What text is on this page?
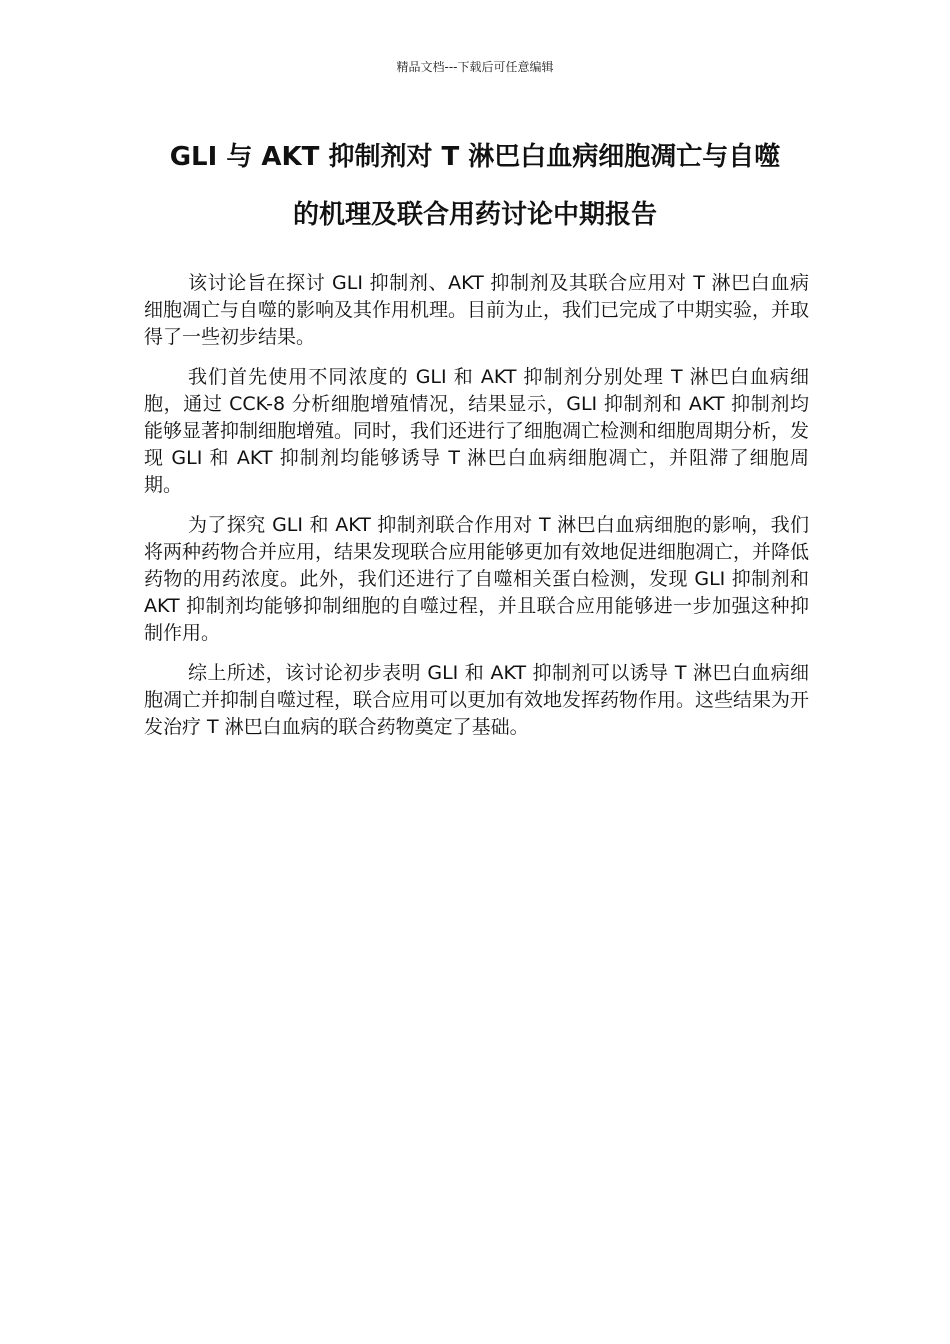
精品文档---下载后可任意编辑
GLI 与 AKT 抑制剂对 T 淋巴白血病细胞凋亡与自噬
的机理及联合用药讨论中期报告

该讨论旨在探讨 GLI 抑制剂、AKT 抑制剂及其联合应用对 T 淋巴白血病细胞凋亡与自噬的影响及其作用机理。目前为止，我们已完成了中期实验，并取得了一些初步结果。

我们首先使用不同浓度的 GLI 和 AKT 抑制剂分别处理 T 淋巴白血病细胞，通过 CCK-8 分析细胞增殖情况，结果显示，GLI 抑制剂和 AKT 抑制剂均能够显著抑制细胞增殖。同时，我们还进行了细胞凋亡检测和细胞周期分析，发现 GLI 和 AKT 抑制剂均能够诱导 T 淋巴白血病细胞凋亡，并阻滞了细胞周期。

为了探究 GLI 和 AKT 抑制剂联合作用对 T 淋巴白血病细胞的影响，我们将两种药物合并应用，结果发现联合应用能够更加有效地促进细胞凋亡，并降低药物的用药浓度。此外，我们还进行了自噬相关蛋白检测，发现 GLI 抑制剂和 AKT 抑制剂均能够抑制细胞的自噬过程，并且联合应用能够进一步加强这种抑制作用。

综上所述，该讨论初步表明 GLI 和 AKT 抑制剂可以诱导 T 淋巴白血病细胞凋亡并抑制自噬过程，联合应用可以更加有效地发挥药物作用。这些结果为开发治疗 T 淋巴白血病的联合药物奠定了基础。
